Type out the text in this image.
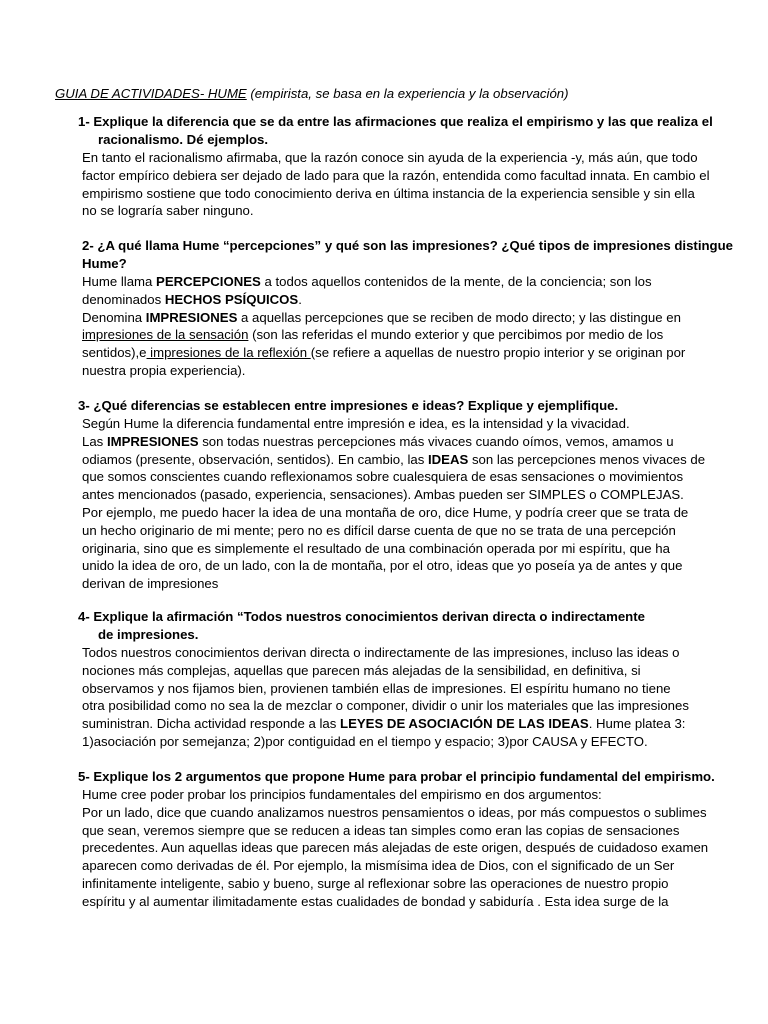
GUIA DE ACTIVIDADES- HUME (empirista, se basa en la experiencia y la observación)
1- Explique la diferencia que se da entre las afirmaciones que realiza el empirismo y las que realiza el
racionalismo. Dé ejemplos.
En tanto el racionalismo afirmaba, que la razón conoce sin ayuda de la experiencia -y, más aún, que todo
factor empírico debiera ser dejado de lado para que la razón, entendida como facultad innata. En cambio el
empirismo sostiene que todo conocimiento deriva en última instancia de la experiencia sensible y sin ella
no se lograría saber ninguno.
2- ¿A qué llama Hume “percepciones” y qué son las impresiones? ¿Qué tipos de impresiones distingue
Hume?
Hume llama PERCEPCIONES a todos aquellos contenidos de la mente, de la conciencia; son los
denominados HECHOS PSÍQUICOS.
Denomina IMPRESIONES a aquellas percepciones que se reciben de modo directo; y las distingue en
impresiones de la sensación (son las referidas el mundo exterior y que percibimos por medio de los
sentidos),e impresiones de la reflexión (se refiere a aquellas de nuestro propio interior y se originan por
nuestra propia experiencia).
3- ¿Qué diferencias se establecen entre impresiones e ideas? Explique y ejemplifique.
Según Hume la diferencia fundamental entre impresión e idea, es la intensidad y la vivacidad.
Las IMPRESIONES son todas nuestras percepciones más vivaces cuando oímos, vemos, amamos u
odiamos (presente, observación, sentidos). En cambio, las IDEAS son las percepciones menos vivaces de
que somos conscientes cuando reflexionamos sobre cualesquiera de esas sensaciones o movimientos
antes mencionados (pasado, experiencia, sensaciones). Ambas pueden ser SIMPLES o COMPLEJAS.
Por ejemplo, me puedo hacer la idea de una montaña de oro, dice Hume, y podría creer que se trata de
un hecho originario de mi mente; pero no es difícil darse cuenta de que no se trata de una percepción
originaria, sino que es simplemente el resultado de una combinación operada por mi espíritu, que ha
unido la idea de oro, de un lado, con la de montaña, por el otro, ideas que yo poseía ya de antes y que
derivan de impresiones
4- Explique la afirmación “Todos nuestros conocimientos derivan directa o indirectamente
de impresiones.
Todos nuestros conocimientos derivan directa o indirectamente de las impresiones, incluso las ideas o
nociones más complejas, aquellas que parecen más alejadas de la sensibilidad, en definitiva, si
observamos y nos fijamos bien, provienen también ellas de impresiones. El espíritu humano no tiene
otra posibilidad como no sea la de mezclar o componer, dividir o unir los materiales que las impresiones
suministran. Dicha actividad responde a las LEYES DE ASOCIACIÓN DE LAS IDEAS. Hume platea 3:
1)asociación por semejanza; 2)por contiguidad en el tiempo y espacio; 3)por CAUSA y EFECTO.
5- Explique los 2 argumentos que propone Hume para probar el principio fundamental del empirismo.
Hume cree poder probar los principios fundamentales del empirismo en dos argumentos:
Por un lado, dice que cuando analizamos nuestros pensamientos o ideas, por más compuestos o sublimes
que sean, veremos siempre que se reducen a ideas tan simples como eran las copias de sensaciones
precedentes. Aun aquellas ideas que parecen más alejadas de este origen, después de cuidadoso examen
aparecen como derivadas de él. Por ejemplo, la mismísima idea de Dios, con el significado de un Ser
infinitamente inteligente, sabio y bueno, surge al reflexionar sobre las operaciones de nuestro propio
espíritu y al aumentar ilimitadamente estas cualidades de bondad y sabiduría . Esta idea surge de la
